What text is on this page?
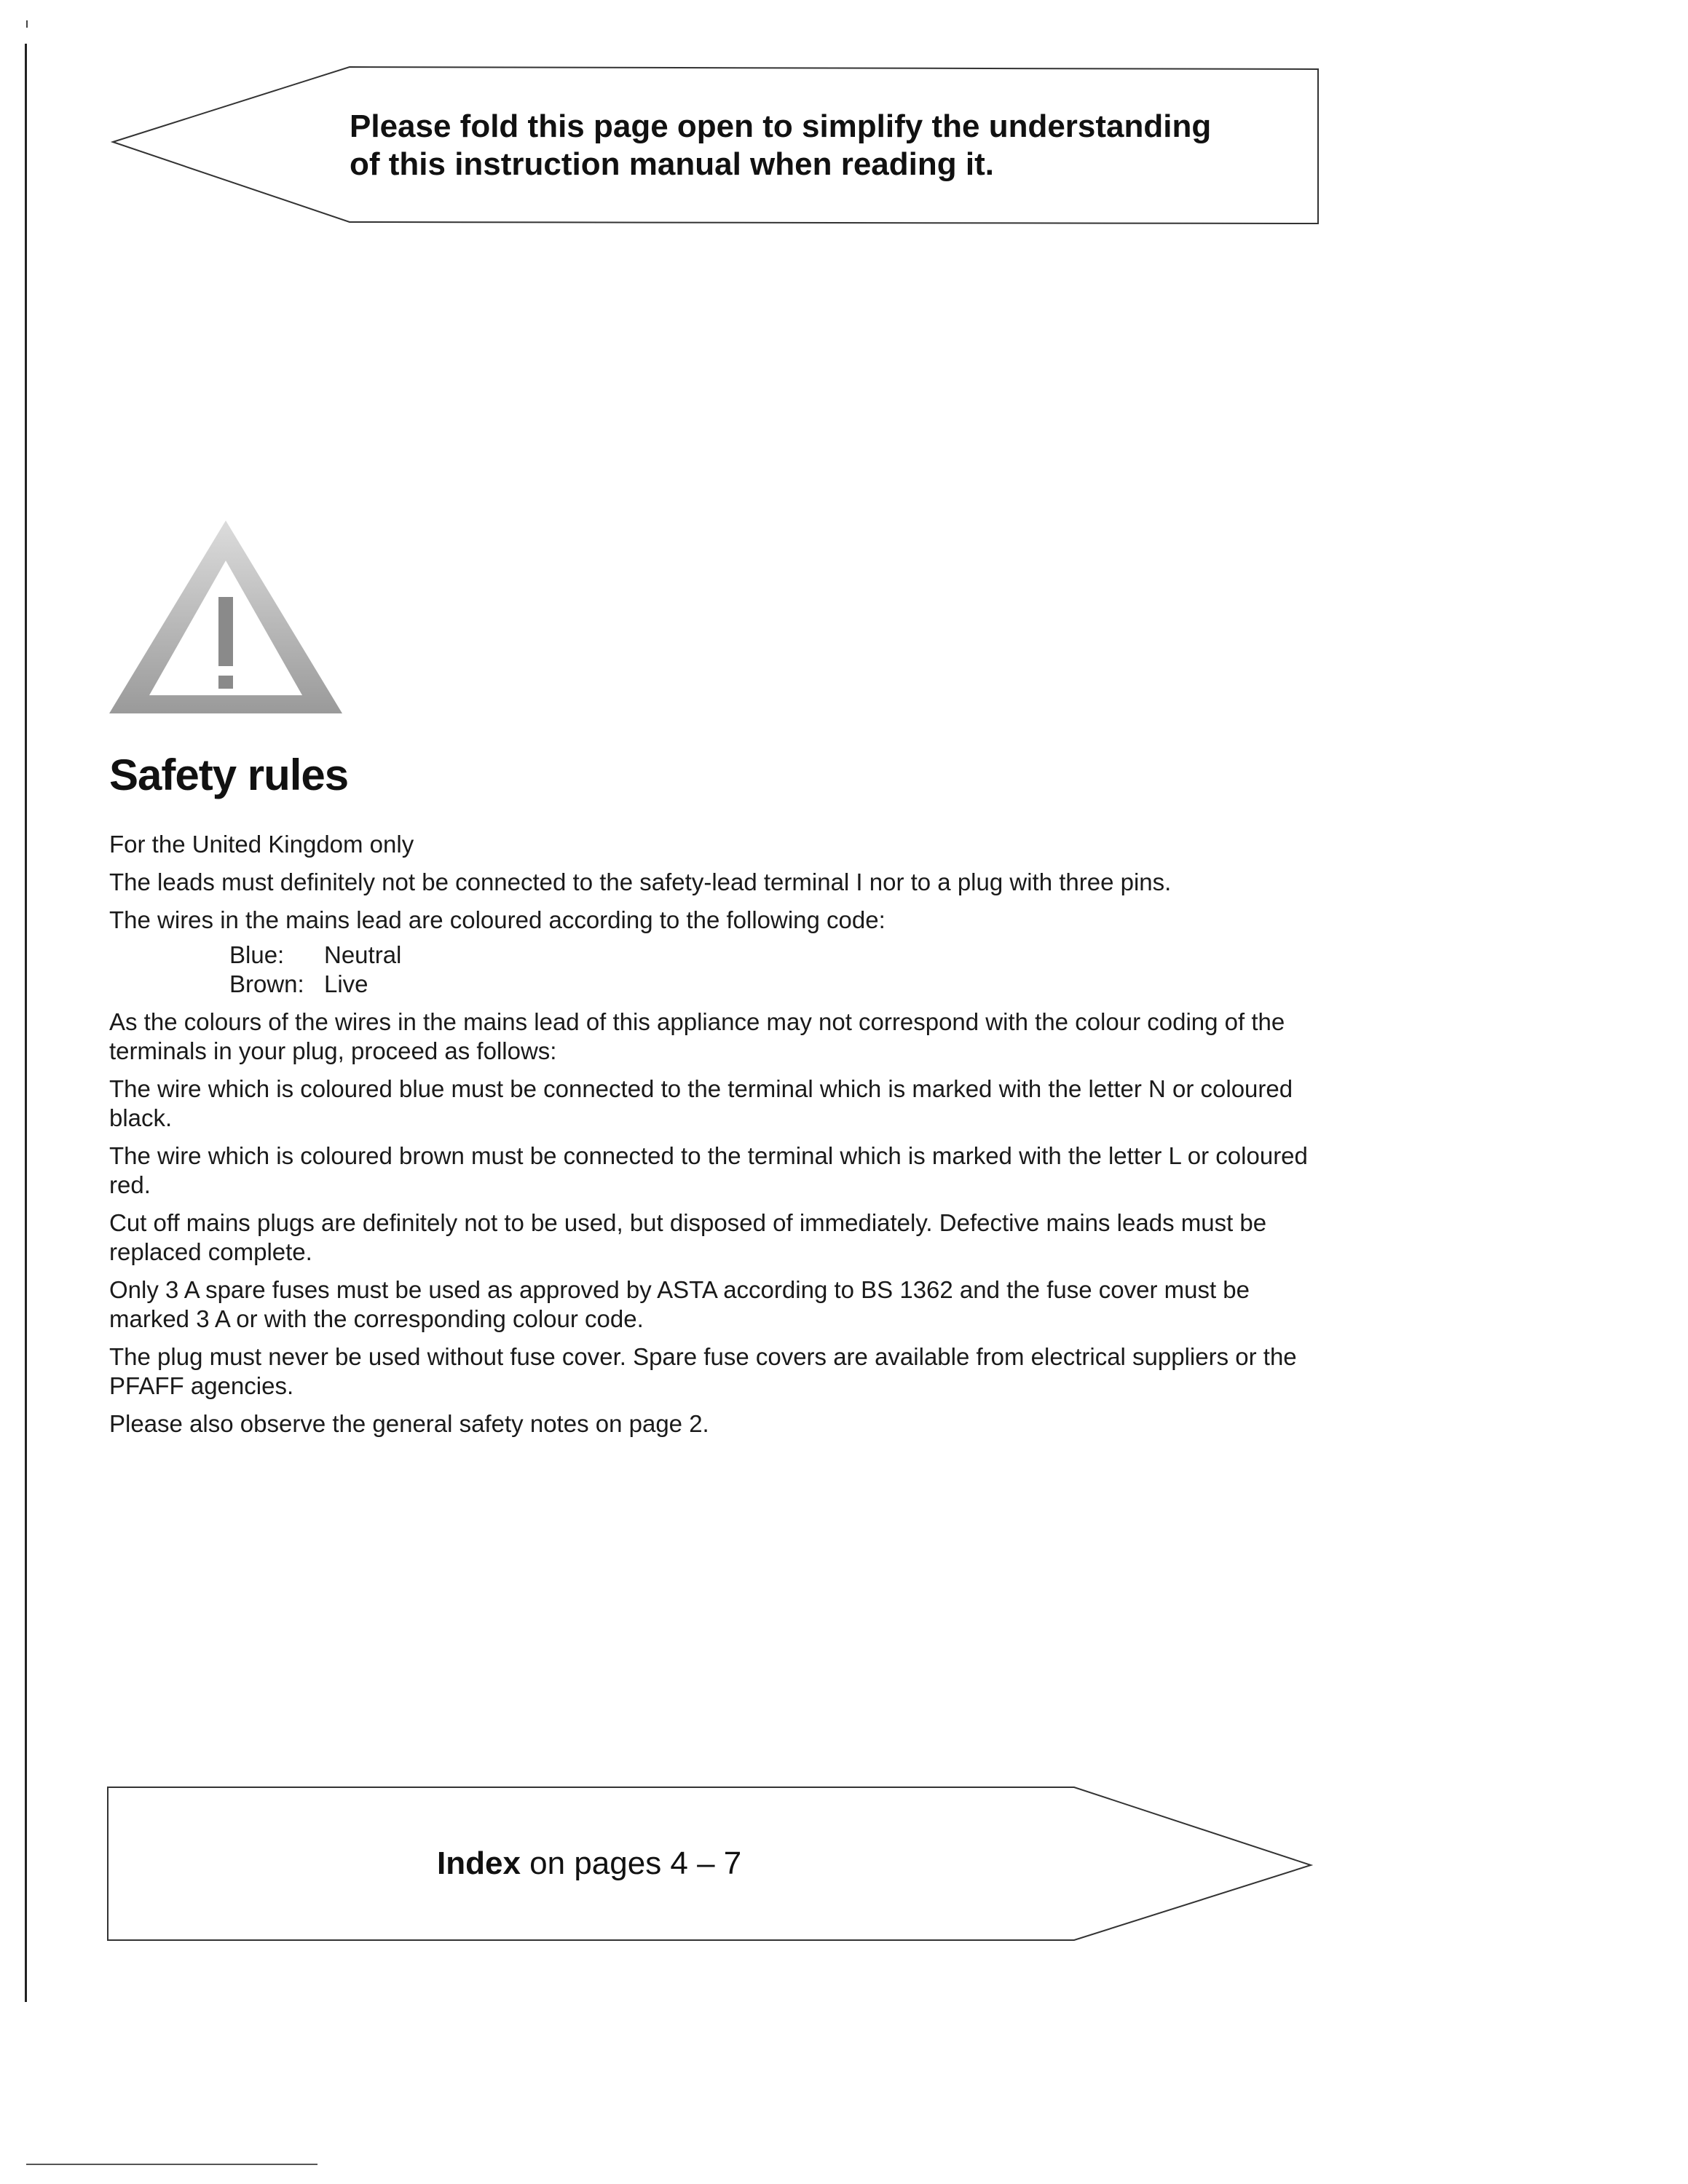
Please fold this page open to simplify the understanding
of this instruction manual when reading it.
Safety rules

For the United Kingdom only

The leads must definitely not be connected to the safety-lead terminal I nor to a plug with three pins.

The wires in the mains lead are coloured according to the following code:

Blue:	Neutral
Brown: Live

As the colours of the wires in the mains lead of this appliance may not correspond with the colour coding of the terminals in your plug, proceed as follows:

The wire which is coloured blue must be connected to the terminal which is marked with the letter N or coloured black.

The wire which is coloured brown must be connected to the terminal which is marked with the letter L or coloured red.

Cut off mains plugs are definitely not to be used, but disposed of immediately. Defective mains leads must be replaced complete.

Only 3 A spare fuses must be used as approved by ASTA according to BS 1362 and the fuse cover must be marked 3 A or with the corresponding colour code.

The plug must never be used without fuse cover. Spare fuse covers are available from electrical suppliers or the PFAFF agencies.

Please also observe the general safety notes on page 2.

Index on pages 4 – 7
